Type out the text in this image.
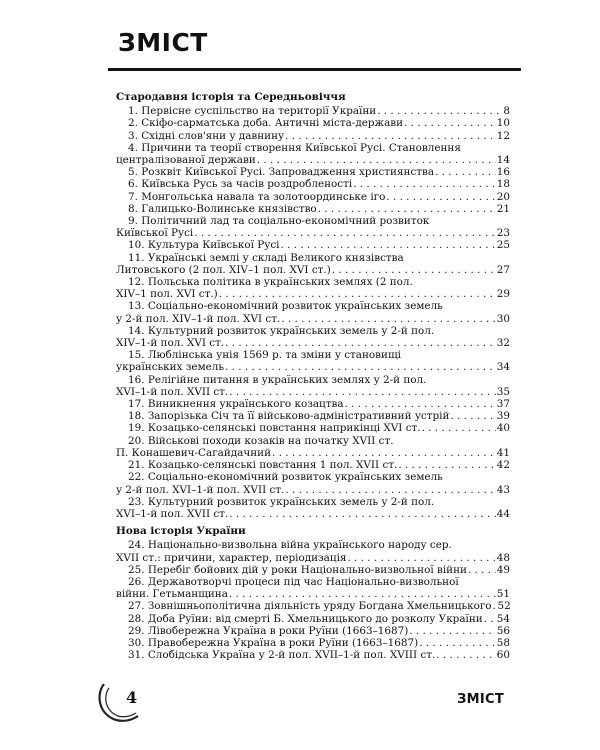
ЗМІСТ
Стародавня історія та Середньовіччя
1. Первісне суспільство на території України . . .	8
2. Скіфо-сарматська доба. Античні міста-держави . . .	10
3. Східні слов'яни у давнину . . .	12
4. Причини та теорії створення Київської Русі. Становлення
централізованої держави . . .	14
5. Розквіт Київської Русі. Запровадження християнства . . .	16
6. Київська Русь за часів роздробленості . . .	18
7. Монгольська навала та золотоординське іго . . .	20
8. Галицько-Волинське князівство . . .	21
9. Політичний лад та соціально-економічний розвиток
Київської Русі . . .	23
10. Культура Київської Русі . . .	25
11. Українські землі у складі Великого князівства
Литовського (2 пол. XIV–1 пол. XVI ст.) . . .	27
12. Польська політика в українських землях (2 пол.
XIV–1 пол. XVI ст.) . . .	29
13. Соціально-економічний розвиток українських земель
у 2-й пол. XIV–1-й пол. XVI ст. . . .	30
14. Культурний розвиток українських земель у 2-й пол.
XIV–1-й пол. XVI ст. . . .	32
15. Люблінська унія 1569 р. та зміни у становищі
українських земель . . .	34
16. Релігійне питання в українських землях у 2-й пол.
XVI–1-й пол. XVII ст. . . .	35
17. Виникнення українського козацтва . . .	37
18. Запорізька Січ та її військово-адміністративний устрій . . .	39
19. Козацько-селянські повстання наприкінці XVI ст. . . .	40
20. Військові походи козаків на початку XVII ст.
П. Конашевич-Сагайдачний . . .	41
21. Козацько-селянські повстання 1 пол. XVII ст. . . .	42
22. Соціально-економічний розвиток українських земель
у 2-й пол. XVI–1-й пол. XVII ст. . . .	43
23. Культурний розвиток українських земель у 2-й пол.
XVI–1-й пол. XVII ст. . . .	44
Нова історія України
24. Національно-визвольна війна українського народу сер.
XVII ст.: причини, характер, періодизація . . .	48
25. Перебіг бойових дій у роки Національно-визвольної війни . . .	49
26. Державотворчі процеси під час Національно-визвольної
війни. Гетьманщина . . .	51
27. Зовнішньополітична діяльність уряду Богдана Хмельницького . . . 52
28. Доба Руїни: від смерті Б. Хмельницького до розколу України . . . 54
29. Лівобережна Україна в роки Руїни (1663–1687) . . .	56
30. Правобережна Україна в роки Руїни (1663–1687) . . .	58
31. Слобідська Україна у 2-й пол. XVII–1-й пол. XVIII ст. . . .	60
4	ЗМІСТ
